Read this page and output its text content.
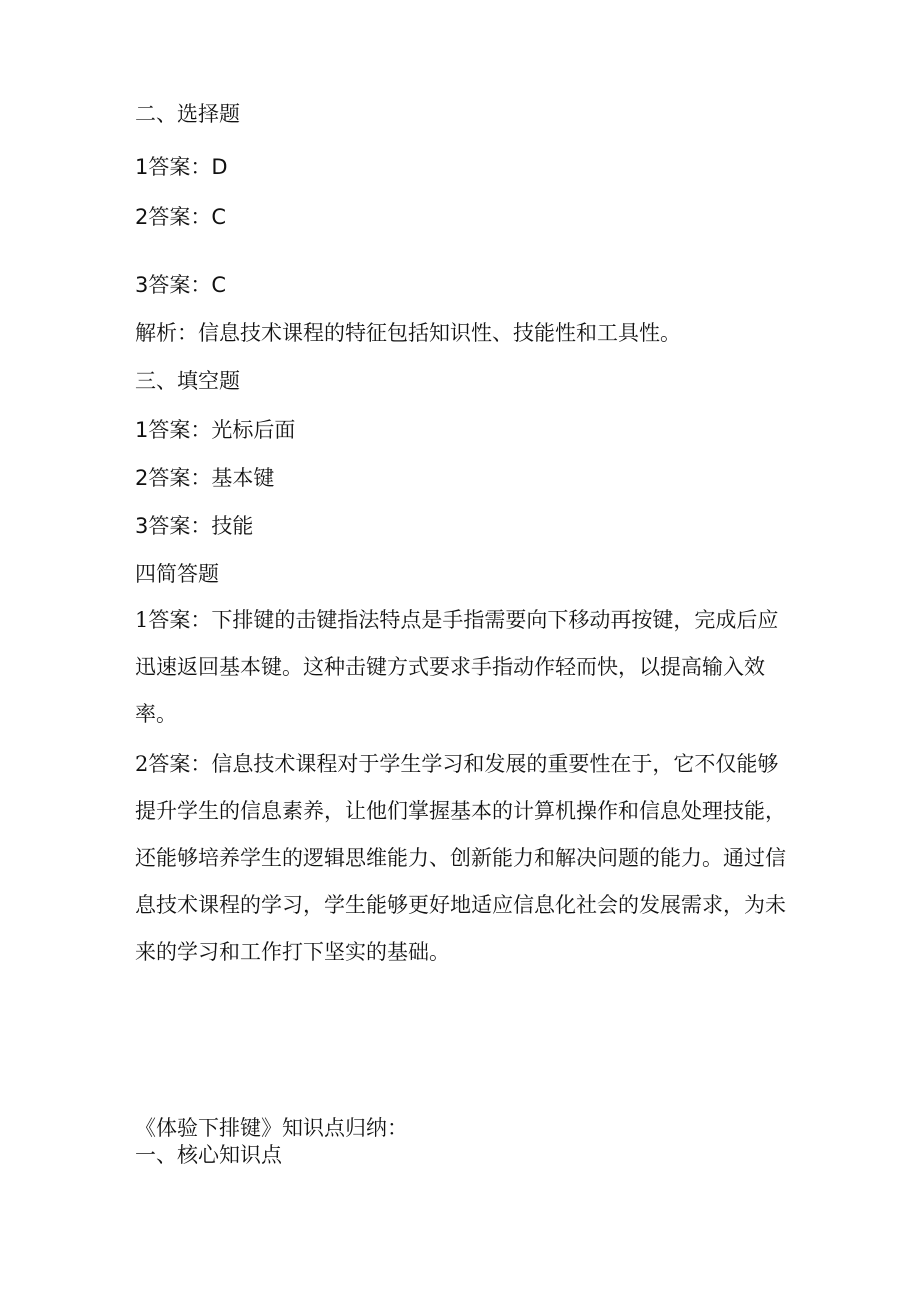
二、选择题

1答案：D

2答案：C

3答案：C

解析：信息技术课程的特征包括知识性、技能性和工具性。

三、填空题

1答案：光标后面

2答案：基本键

3答案：技能

四简答题

1答案：下排键的击键指法特点是手指需要向下移动再按键，完成后应迅速返回基本键。这种击键方式要求手指动作轻而快，以提高输入效率。

2答案：信息技术课程对于学生学习和发展的重要性在于，它不仅能够提升学生的信息素养，让他们掌握基本的计算机操作和信息处理技能，还能够培养学生的逻辑思维能力、创新能力和解决问题的能力。通过信息技术课程的学习，学生能够更好地适应信息化社会的发展需求，为未来的学习和工作打下坚实的基础。

《体验下排键》知识点归纳：

一、核心知识点
